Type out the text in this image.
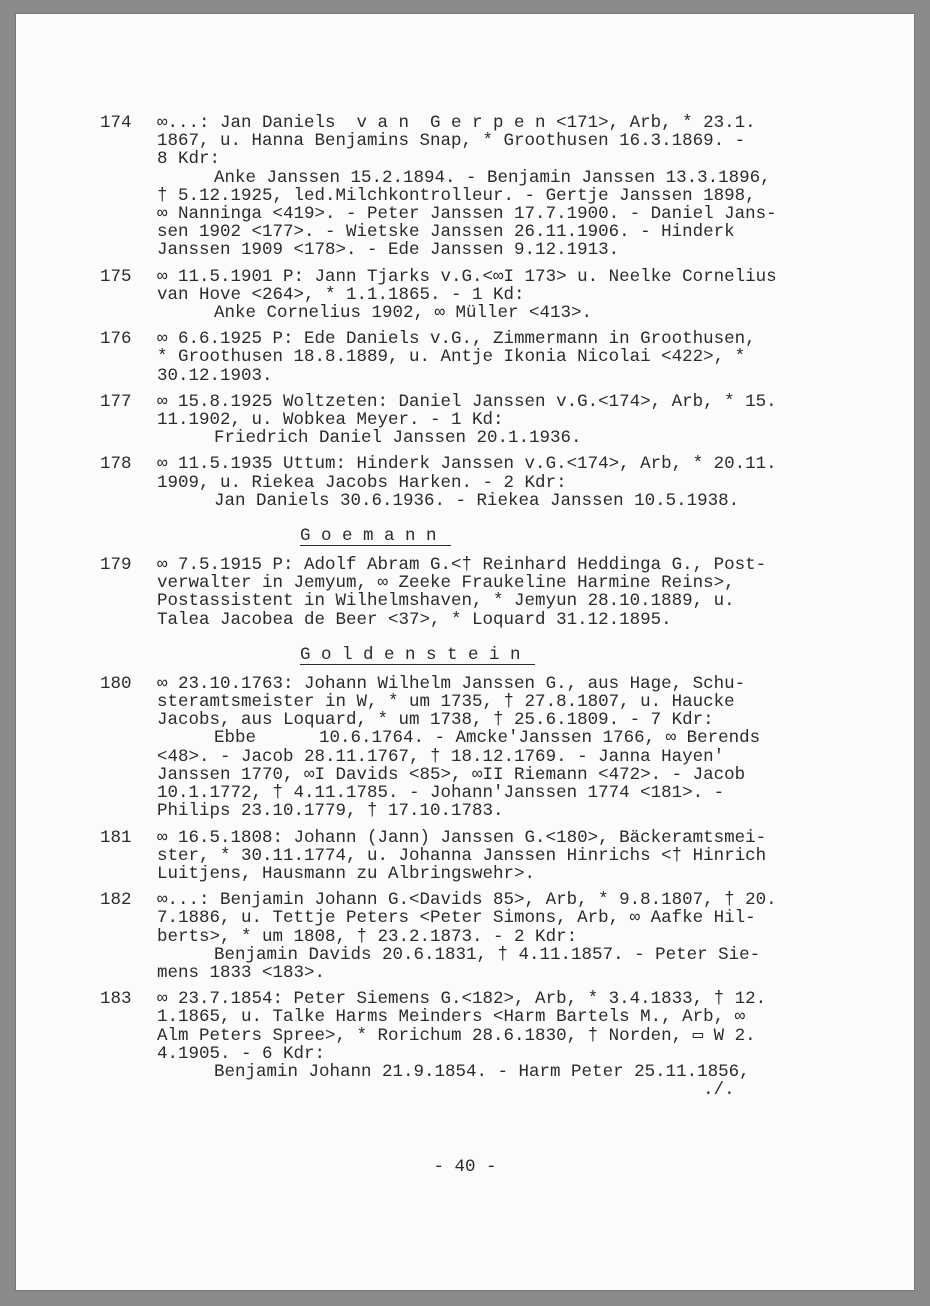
174	∞...: Jan Daniels  v a n  G e r p e n <171>, Arb, * 23.1.
1867, u. Hanna Benjamins Snap, * Groothusen 16.3.1869. -
8 Kdr:
Anke Janssen 15.2.1894. - Benjamin Janssen 13.3.1896,
† 5.12.1925, led.Milchkontrolleur. - Gertje Janssen 1898,
∞ Nanninga <419>. - Peter Janssen 17.7.1900. - Daniel Jans-
sen 1902 <177>. - Wietske Janssen 26.11.1906. - Hinderk
Janssen 1909 <178>. - Ede Janssen 9.12.1913.
175	∞ 11.5.1901 P: Jann Tjarks v.G.<∞I 173> u. Neelke Cornelius
van Hove <264>, * 1.1.1865. - 1 Kd:
Anke Cornelius 1902, ∞ Müller <413>.
176	∞ 6.6.1925 P: Ede Daniels v.G., Zimmermann in Groothusen,
* Groothusen 18.8.1889, u. Antje Ikonia Nicolai <422>, *
30.12.1903.
177	∞ 15.8.1925 Woltzeten: Daniel Janssen v.G.<174>, Arb, * 15.
11.1902, u. Wobkea Meyer. - 1 Kd:
Friedrich Daniel Janssen 20.1.1936.
178	∞ 11.5.1935 Uttum: Hinderk Janssen v.G.<174>, Arb, * 20.11.
1909, u. Riekea Jacobs Harken. - 2 Kdr:
Jan Daniels 30.6.1936. - Riekea Janssen 10.5.1938.
G o e m a n n
179	∞ 7.5.1915 P: Adolf Abram G.<† Reinhard Heddinga G., Post-
verwalter in Jemyum, ∞ Zeeke Fraukeline Harmine Reins>,
Postassistent in Wilhelmshaven, * Jemyun 28.10.1889, u.
Talea Jacobea de Beer <37>, * Loquard 31.12.1895.
G o l d e n s t e i n
180	∞ 23.10.1763: Johann Wilhelm Janssen G., aus Hage, Schu-
steramtsmeister in W, * um 1735, † 27.8.1807, u. Haucke
Jacobs, aus Loquard, * um 1738, † 25.6.1809. - 7 Kdr:
Ebbe      10.6.1764. - Amcke'Janssen 1766, ∞ Berends
<48>. - Jacob 28.11.1767, † 18.12.1769. - Janna Hayen'
Janssen 1770, ∞I Davids <85>, ∞II Riemann <472>. - Jacob
10.1.1772, † 4.11.1785. - Johann'Janssen 1774 <181>. -
Philips 23.10.1779, † 17.10.1783.
181	∞ 16.5.1808: Johann (Jann) Janssen G.<180>, Bäckeramtsmei-
ster, * 30.11.1774, u. Johanna Janssen Hinrichs <† Hinrich
Luitjens, Hausmann zu Albringswehr>.
182	∞...: Benjamin Johann G.<Davids 85>, Arb, * 9.8.1807, † 20.
7.1886, u. Tettje Peters <Peter Simons, Arb, ∞ Aafke Hil-
berts>, * um 1808, † 23.2.1873. - 2 Kdr:
Benjamin Davids 20.6.1831, † 4.11.1857. - Peter Sie-
mens 1833 <183>.
183	∞ 23.7.1854: Peter Siemens G.<182>, Arb, * 3.4.1833, † 12.
1.1865, u. Talke Harms Meinders <Harm Bartels M., Arb, ∞
Alm Peters Spree>, * Rorichum 28.6.1830, † Norden, ▭ W 2.
4.1905. - 6 Kdr:
Benjamin Johann 21.9.1854. - Harm Peter 25.11.1856,
./.
- 40 -
